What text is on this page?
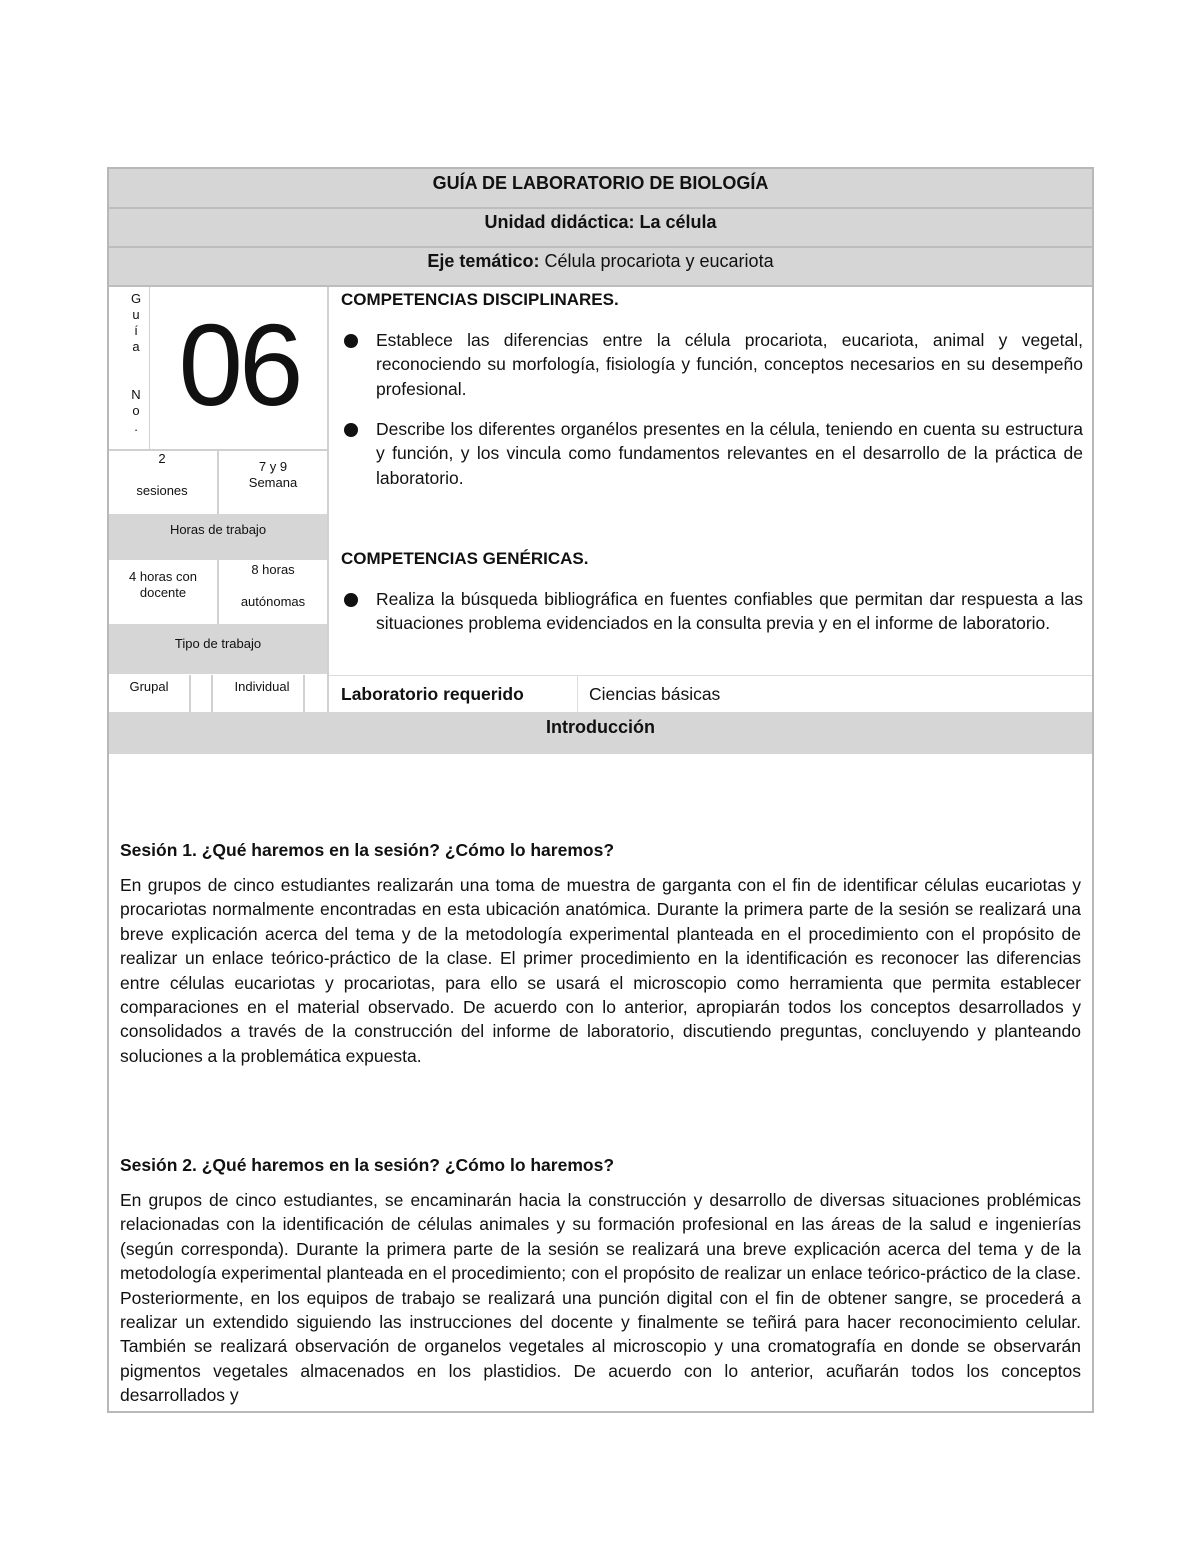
GUÍA DE LABORATORIO DE BIOLOGÍA
Unidad didáctica: La célula
Eje temático: Célula procariota y eucariota
G
u
í
a
N
o
. 06
2
sesiones
7 y 9
Semana
Horas de trabajo
4 horas con docente
8 horas
autónomas
Tipo de trabajo
Grupal	Individual
COMPETENCIAS DISCIPLINARES.
Establece las diferencias entre la célula procariota, eucariota, animal y vegetal, reconociendo su morfología, fisiología y función, conceptos necesarios en su desempeño profesional.
Describe los diferentes organélos presentes en la célula, teniendo en cuenta su estructura y función, y los vincula como fundamentos relevantes en el desarrollo de la práctica de laboratorio.
COMPETENCIAS GENÉRICAS.
Realiza la búsqueda bibliográfica en fuentes confiables que permitan dar respuesta a las situaciones problema evidenciados en la consulta previa y en el informe de laboratorio.
Laboratorio requerido	Ciencias básicas
Introducción
Sesión 1. ¿Qué haremos en la sesión? ¿Cómo lo haremos?

En grupos de cinco estudiantes realizarán una toma de muestra de garganta con el fin de identificar células eucariotas y procariotas normalmente encontradas en esta ubicación anatómica. Durante la primera parte de la sesión se realizará una breve explicación acerca del tema y de la metodología experimental planteada en el procedimiento con el propósito de realizar un enlace teórico-práctico de la clase. El primer procedimiento en la identificación es reconocer las diferencias entre células eucariotas y procariotas, para ello se usará el microscopio como herramienta que permita establecer comparaciones en el material observado. De acuerdo con lo anterior, apropiarán todos los conceptos desarrollados y consolidados a través de la construcción del informe de laboratorio, discutiendo preguntas, concluyendo y planteando soluciones a la problemática expuesta.

Sesión 2. ¿Qué haremos en la sesión? ¿Cómo lo haremos?

En grupos de cinco estudiantes, se encaminarán hacia la construcción y desarrollo de diversas situaciones problémicas relacionadas con la identificación de células animales y su formación profesional en las áreas de la salud e ingenierías (según corresponda). Durante la primera parte de la sesión se realizará una breve explicación acerca del tema y de la metodología experimental planteada en el procedimiento; con el propósito de realizar un enlace teórico-práctico de la clase. Posteriormente, en los equipos de trabajo se realizará una punción digital con el fin de obtener sangre, se procederá a realizar un extendido siguiendo las instrucciones del docente y finalmente se teñirá para hacer reconocimiento celular. También se realizará observación de organelos vegetales al microscopio y una cromatografía en donde se observarán pigmentos vegetales almacenados en los plastidios. De acuerdo con lo anterior, acuñarán todos los conceptos desarrollados y
